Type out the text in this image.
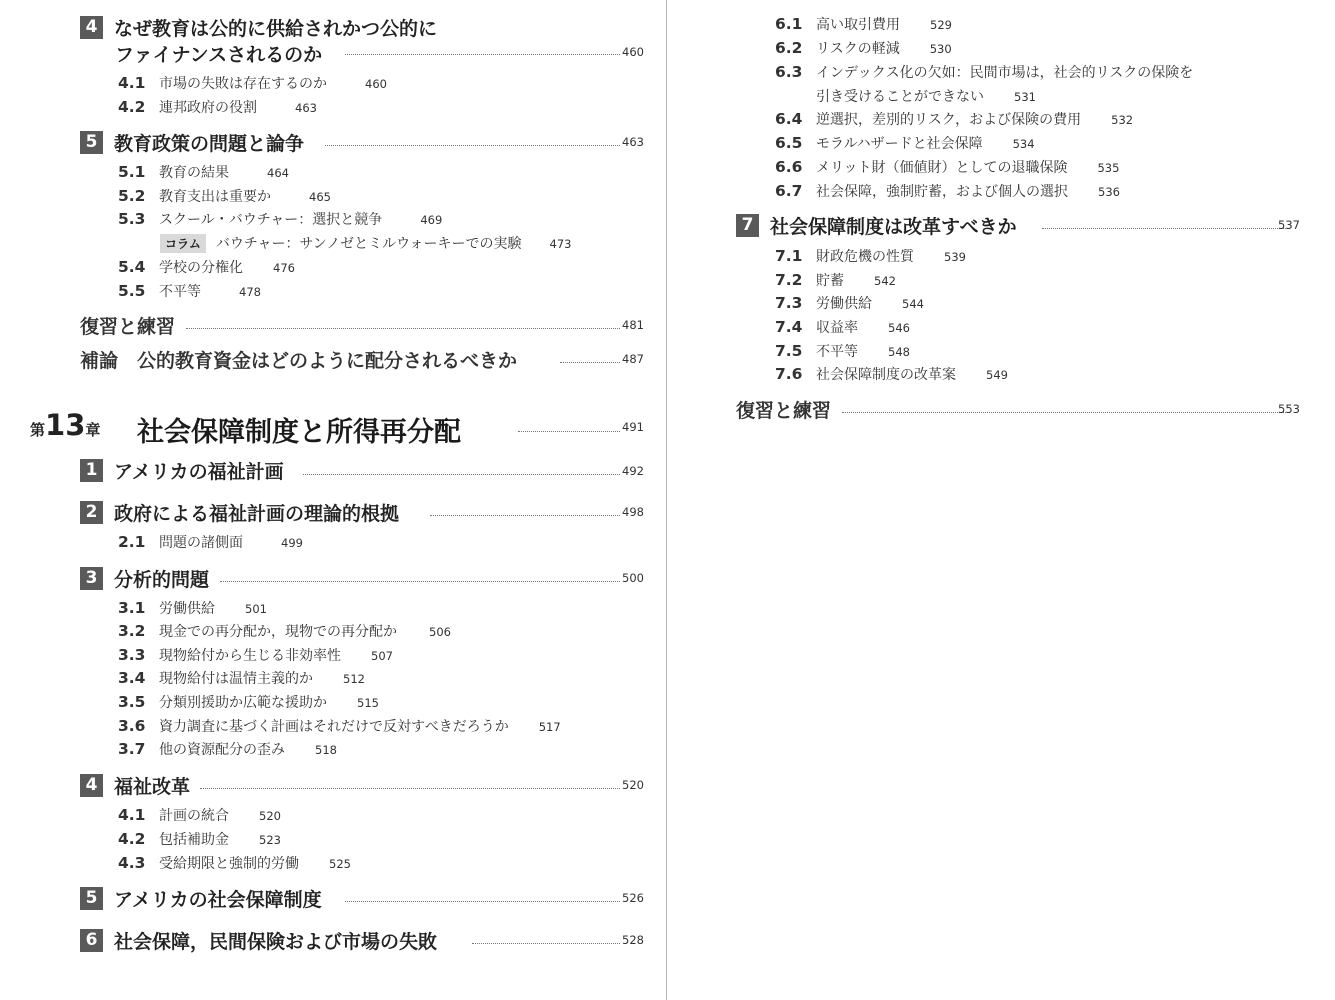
4 なぜ教育は公的に供給されかつ公的に
ファイナンスされるのか	460
4.1 市場の失敗は存在するのか	460
4.2 連邦政府の役割	463
5 教育政策の問題と論争	463
5.1 教育の結果	464
5.2 教育支出は重要か	465
5.3 スクール・バウチャー：選択と競争	469
コラム バウチャー：サンノゼとミルウォーキーでの実験 473
5.4 学校の分権化	476
5.5 不平等	478
復習と練習	481
補論　公的教育資金はどのように配分されるべきか	487
第13章 社会保障制度と所得再分配	491
1 アメリカの福祉計画	492
2 政府による福祉計画の理論的根拠	498
2.1 問題の諸側面	499
3 分析的問題	500
3.1 労働供給	501
3.2 現金での再分配か，現物での再分配か	506
3.3 現物給付から生じる非効率性	507
3.4 現物給付は温情主義的か	512
3.5 分類別援助か広範な援助か	515
3.6 資力調査に基づく計画はそれだけで反対すべきだろうか	517
3.7 他の資源配分の歪み	518
4 福祉改革	520
4.1 計画の統合	520
4.2 包括補助金	523
4.3 受給期限と強制的労働	525
5 アメリカの社会保障制度	526
6 社会保障，民間保険および市場の失敗	528
6.1 高い取引費用	529
6.2 リスクの軽減	530
6.3 インデックス化の欠如：民間市場は，社会的リスクの保険を
引き受けることができない	531
6.4 逆選択，差別的リスク，および保険の費用	532
6.5 モラルハザードと社会保障	534
6.6 メリット財（価値財）としての退職保険	535
6.7 社会保障，強制貯蓄，および個人の選択	536
7 社会保障制度は改革すべきか	537
7.1 財政危機の性質	539
7.2 貯蓄	542
7.3 労働供給	544
7.4 収益率	546
7.5 不平等	548
7.6 社会保障制度の改革案	549
復習と練習	553
